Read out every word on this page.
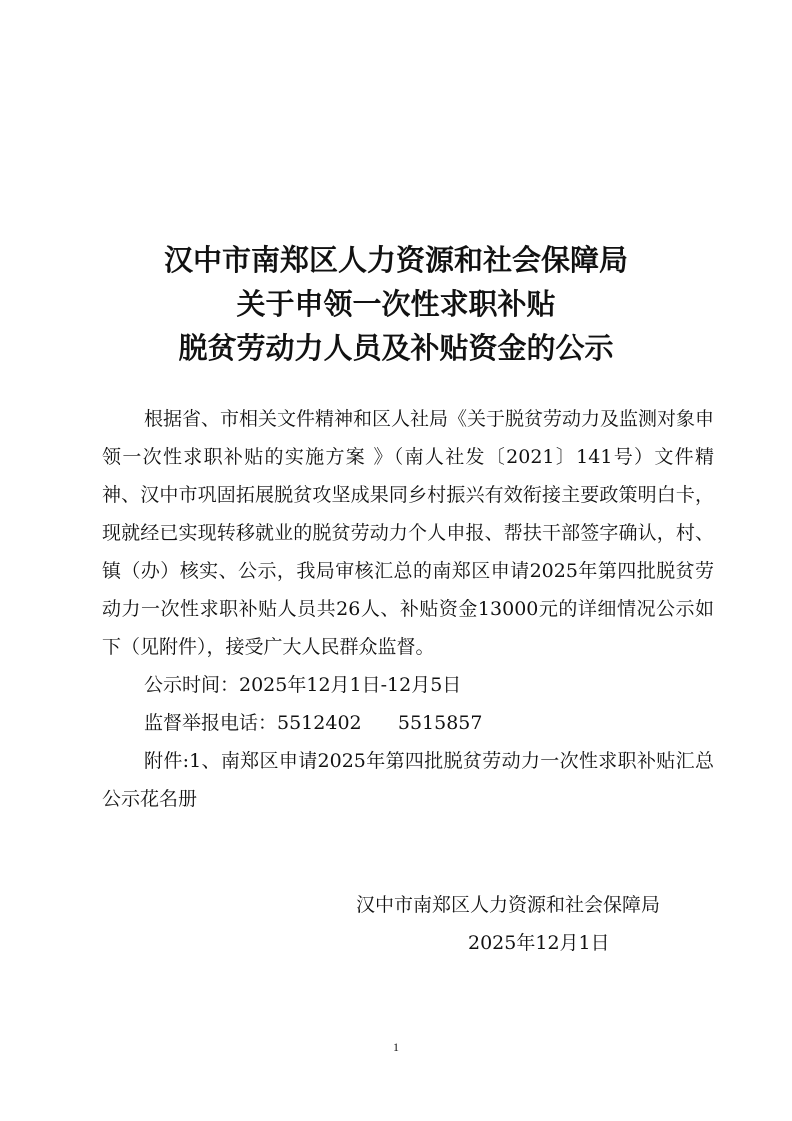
汉中市南郑区人力资源和社会保障局
关于申领一次性求职补贴
脱贫劳动力人员及补贴资金的公示

根据省、市相关文件精神和区人社局《关于脱贫劳动力及监测对象申领一次性求职补贴的实施方案 》（南人社发〔2021〕141号）文件精神、汉中市巩固拓展脱贫攻坚成果同乡村振兴有效衔接主要政策明白卡，现就经已实现转移就业的脱贫劳动力个人申报、帮扶干部签字确认，村、镇（办）核实、公示，我局审核汇总的南郑区申请2025年第四批脱贫劳动力一次性求职补贴人员共26人、补贴资金13000元的详细情况公示如下（见附件），接受广大人民群众监督。

公示时间：2025年12月1日-12月5日

监督举报电话：5512402      5515857

附件:1、南郑区申请2025年第四批脱贫劳动力一次性求职补贴汇总公示花名册

汉中市南郑区人力资源和社会保障局
2025年12月1日
1
